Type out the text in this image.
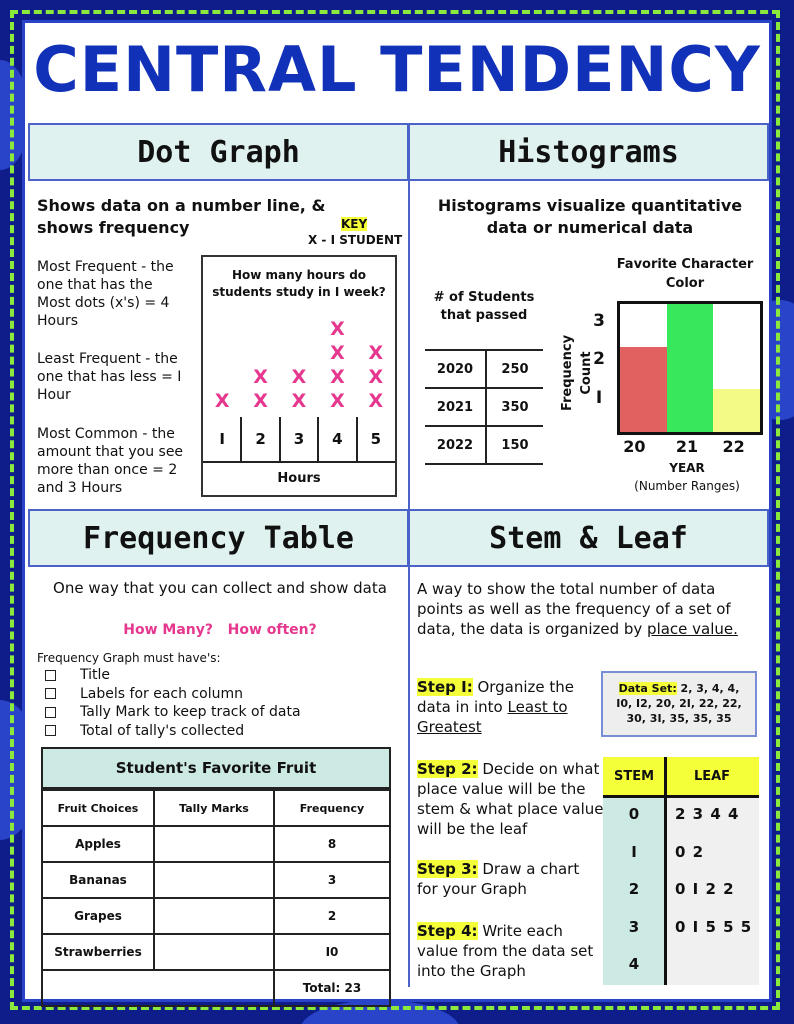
CENTRAL TENDENCY
Dot Graph	Histograms
Frequency Table	Stem & Leaf
Shows data on a number line, & shows frequency	KEY
X - I STUDENT
Most Frequent - the one that has the Most dots (x's) = 4 Hours
Least Frequent - the one that has less = I Hour
Most Common - the amount that you see more than once = 2 and 3 Hours
How many hours do students study in I week?
X X
X
X
X
X
X
X
X
X
X
X
I	2	3	4	5
Hours
Histograms visualize quantitative data or numerical data
# of Students that passed
2020	250
2021	350
2022	150
Favorite Character Color
Frequency Count
I
2
3
20	21	22
YEAR
(Number Ranges)
One way that you can collect and show data
How Many?   How often?
Frequency Graph must have's:
Title
Labels for each column
Tally Mark to keep track of data
Total of tally's collected
Student's Favorite Fruit
Fruit Choices	Tally Marks	Frequency
Apples		8
Bananas		3
Grapes		2
Strawberries		I0
		Total: 23
A way to show the total number of data points as well as the frequency of a set of data, the data is organized by place value.
Step I: Organize the data in into Least to Greatest
Step 2: Decide on what place value will be the stem & what place value will be the leaf
Step 3: Draw a chart for your Graph
Step 4: Write each value from the data set into the Graph
Data Set: 2, 3, 4, 4, I0, I2, 20, 2I, 22, 22, 30, 3I, 35, 35, 35
STEM	LEAF
0	2 3 4 4
I	0 2
2	0 I 2 2
3	0 I 5 5 5
4
